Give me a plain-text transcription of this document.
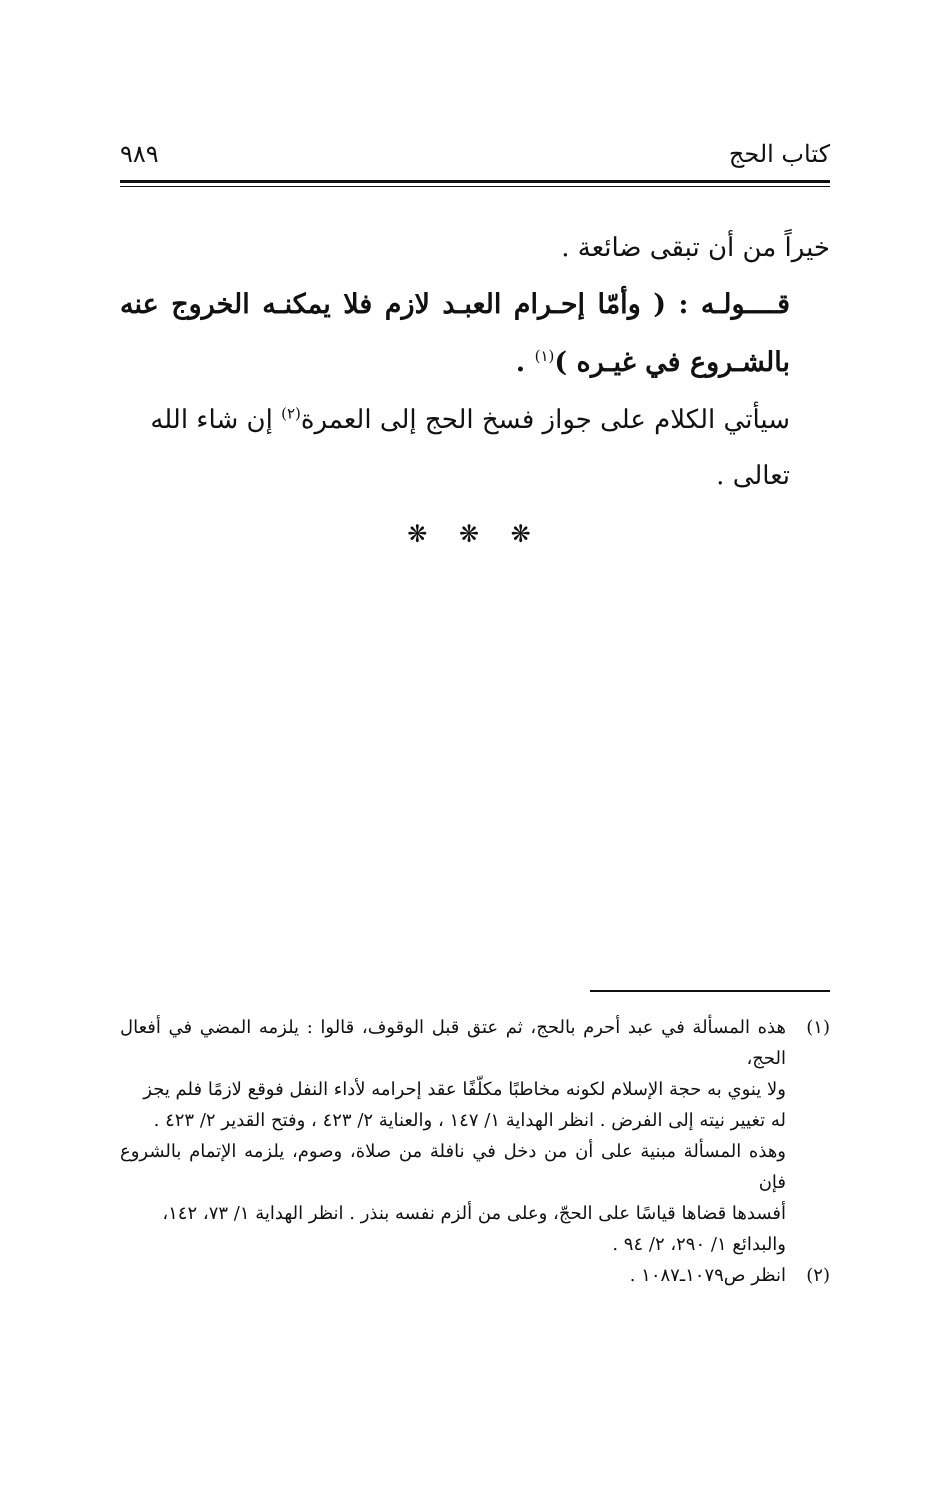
كتاب الحج
٩٨٩

خيراً من أن تبقى ضائعة .

قــــولـه : ( وأمّا إحـرام العبـد لازم فلا يمكنـه الخروج عنه بالشـروع في غيـره )$^{(١)}$ .

سيأتي الكلام على جواز فسخ الحج إلى العمرة$^{(٢)}$ إن شاء الله تعالى .

❋ ❋ ❋
(١)
هذه المسألة في عبد أحرم بالحج، ثم عتق قبل الوقوف، قالوا : يلزمه المضي في أفعال الحج،
ولا ينوي به حجة الإسلام لكونه مخاطبًا مكلّفًا عقد إحرامه لأداء النفل فوقع لازمًا فلم يجز
له تغيير نيته إلى الفرض . انظر الهداية ١/ ١٤٧ ، والعناية ٢/ ٤٢٣ ، وفتح القدير ٢/ ٤٢٣ .
وهذه المسألة مبنية على أن من دخل في نافلة من صلاة، وصوم، يلزمه الإتمام بالشروع فإن
أفسدها قضاها قياسًا على الحجّ، وعلى من ألزم نفسه بنذر . انظر الهداية ١/ ٧٣، ١٤٢،
والبدائع ١/ ٢٩٠، ٢/ ٩٤ .
(٢)
انظر ص١٠٧٩ـ١٠٨٧ .
